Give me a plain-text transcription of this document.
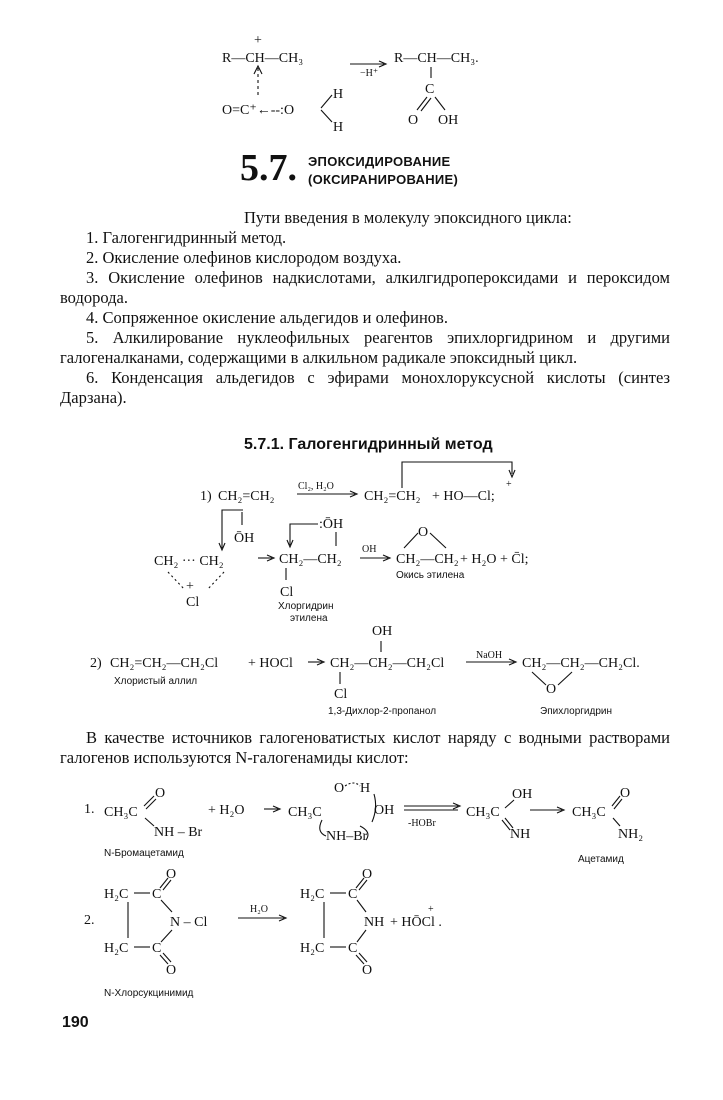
+
R—CH—CH₃
O=C⁺←--:O
H
H
−H⁺
R—CH—CH₃.
C
O OH
1) CH₂=CH₂
Cl₂, H₂O
CH₂=CH₂ + HO—Cl;
+
ŌH
CH₂ ··· CH₂
+
Cl
CH₂—CH₂
:ŌH
Cl
Хлоргидрин
этилена
OH
CH₂—CH₂
O
+ H₂O + C̄l;
Окись этилена
2) CH₂=CH₂—CH₂Cl + HOCl	CH₂—CH₂—CH₂Cl
OH
Cl
NaOH
CH₂—CH₂—CH₂Cl.
O
Хлористый аллил
1,3-Дихлор-2-пропанол	Эпихлоргидрин
1. CH₃C
O
NH – Br
+ H₂O	CH₃C
O H
OH
NH–Br
-HOBr
CH₃C
OH
NH
CH₃C
O
NH₂
N-Бромацетамид
Ацетамид
2.
H₂C
H₂C
C
C
O
O
N – Cl
H₂O
H₂C
H₂C
C
C
O
O
NH + HŌCl .
+
N-Хлорсукцинимид
5.7. ЭПОКСИДИРОВАНИЕ
(ОКСИРАНИРОВАНИЕ)
Пути введения в молекулу эпоксидного цикла:

1. Галогенгидринный метод.

2. Окисление олефинов кислородом воздуха.

3. Окисление олефинов надкислотами, алкилгидропероксидами и пероксидом водорода.

4. Сопряженное окисление альдегидов и олефинов.

5. Алкилирование нуклеофильных реагентов эпихлоргидрином и другими галогеналканами, содержащими в алкильном радикале эпоксидный цикл.

6. Конденсация альдегидов с эфирами монохлоруксусной кислоты (синтез Дарзана).

5.7.1. Галогенгидринный метод
В качестве источников галогеноватистых кислот наряду с водными растворами галогенов используются N-галогенамиды кислот:
190
